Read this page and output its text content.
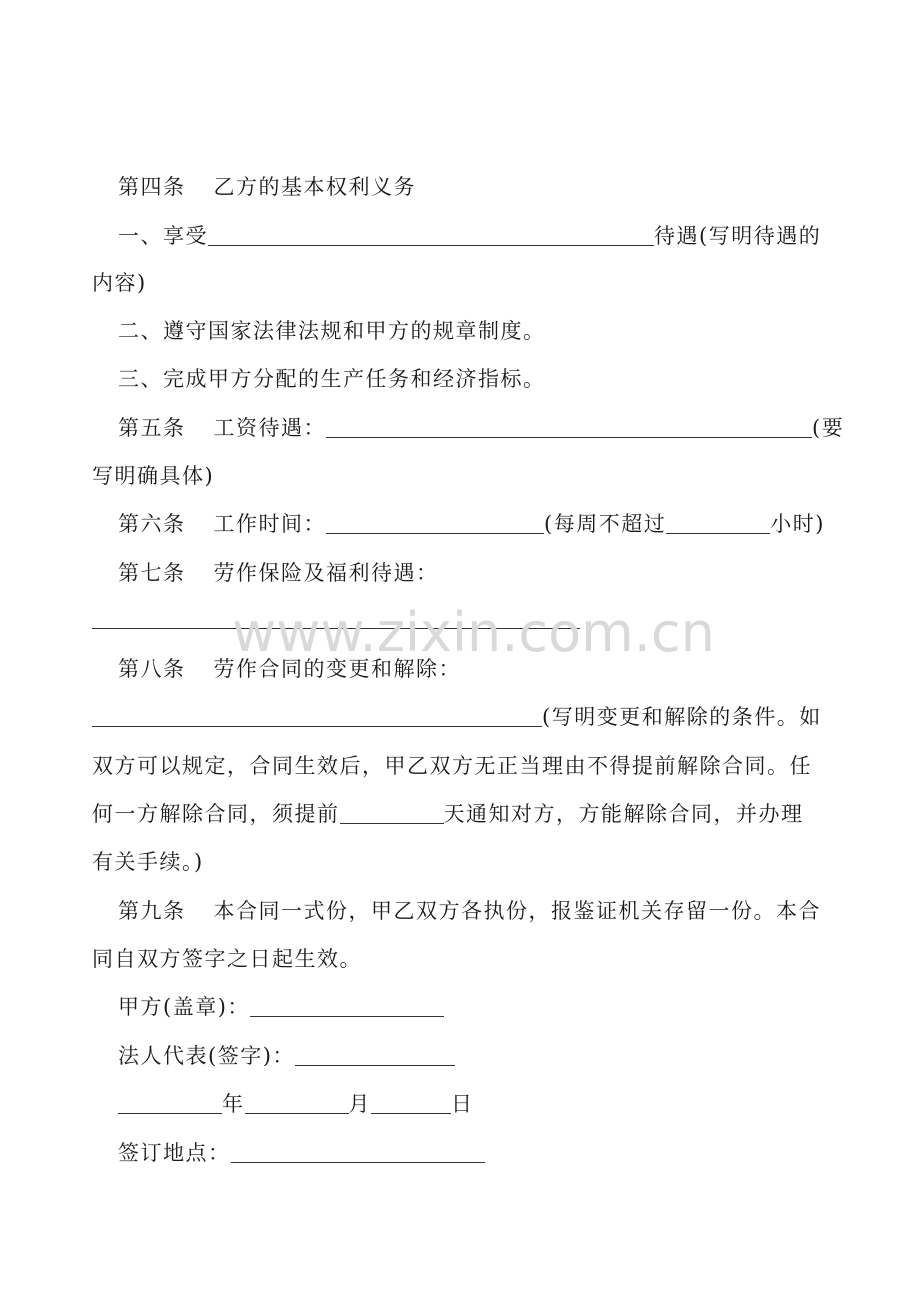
第四条 乙方的基本权利义务
一、享受	待遇(写明待遇的
内容)
二、遵守国家法律法规和甲方的规章制度。
三、完成甲方分配的生产任务和经济指标。
第五条 工资待遇：	(要
写明确具体)
第六条 工作时间：	(每周不超过	小时)
第七条 劳作保险及福利待遇：
www.zixin.com.cn
第八条 劳作合同的变更和解除：
(写明变更和解除的条件。如
双方可以规定，合同生效后，甲乙双方无正当理由不得提前解除合同。任
何一方解除合同，须提前	天通知对方，方能解除合同，并办理
有关手续。)
第九条 本合同一式份，甲乙双方各执份，报鉴证机关存留一份。本合
同自双方签字之日起生效。
甲方(盖章)：
法人代表(签字)：
年	月	日
签订地点：
